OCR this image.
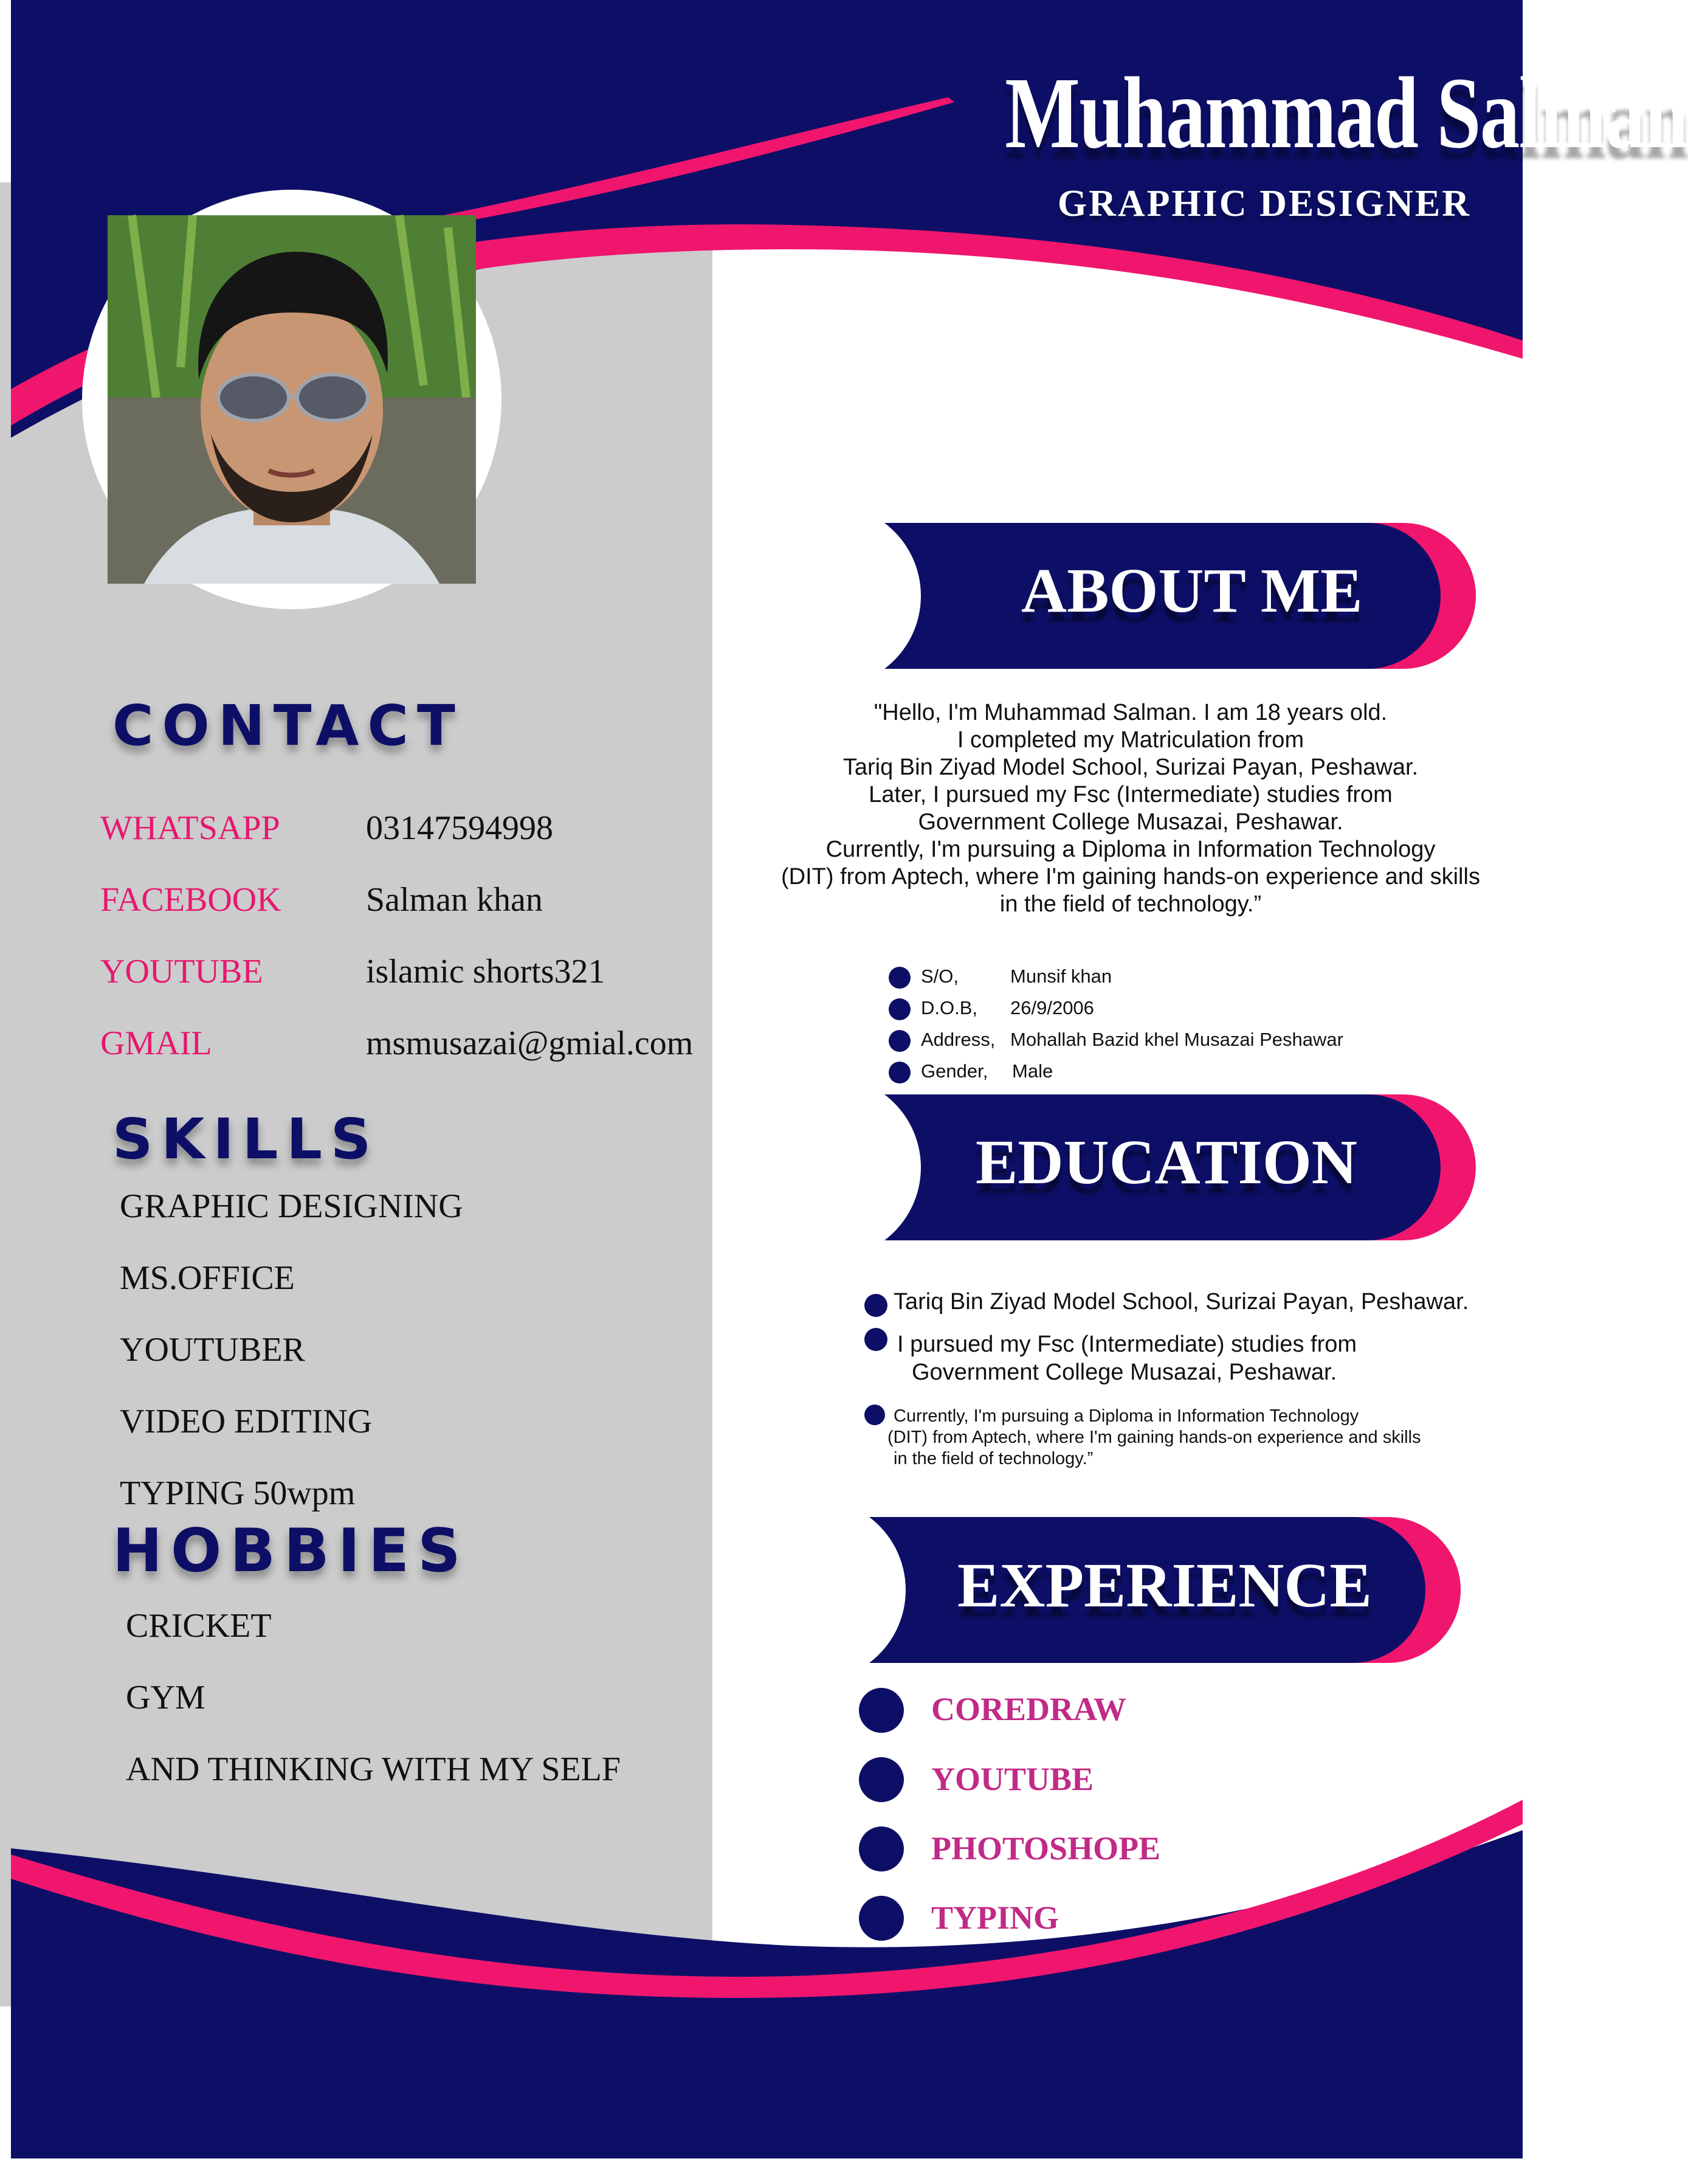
Muhammad Salman
GRAPHIC DESIGNER
CONTACT
WHATSAPP	03147594998
FACEBOOK Salman khan
YOUTUBE	islamic shorts321
GMAIL	msmusazai@gmial.com
SKILLS
GRAPHIC DESIGNING
MS.OFFICE
YOUTUBER
VIDEO EDITING
TYPING 50wpm
HOBBIES
CRICKET
GYM
AND THINKING WITH MY SELF
ABOUT ME
"Hello, I'm Muhammad Salman. I am 18 years old.
I completed my Matriculation from
Tariq Bin Ziyad Model School, Surizai Payan, Peshawar.
Later, I pursued my Fsc (Intermediate) studies from
Government College Musazai, Peshawar.
Currently, I'm pursuing a Diploma in Information Technology
(DIT) from Aptech, where I'm gaining hands-on experience and skills
in the field of technology.”
S/O,	Munsif khan
D.O.B, 26/9/2006
Address, Mohallah Bazid khel Musazai Peshawar
Gender, Male
EDUCATION
Tariq Bin Ziyad Model School, Surizai Payan, Peshawar.
I pursued my Fsc (Intermediate) studies from
Government College Musazai, Peshawar.
Currently, I'm pursuing a Diploma in Information Technology
(DIT) from Aptech, where I'm gaining hands-on experience and skills
in the field of technology.”
EXPERIENCE
COREDRAW
YOUTUBE
PHOTOSHOPE
TYPING
